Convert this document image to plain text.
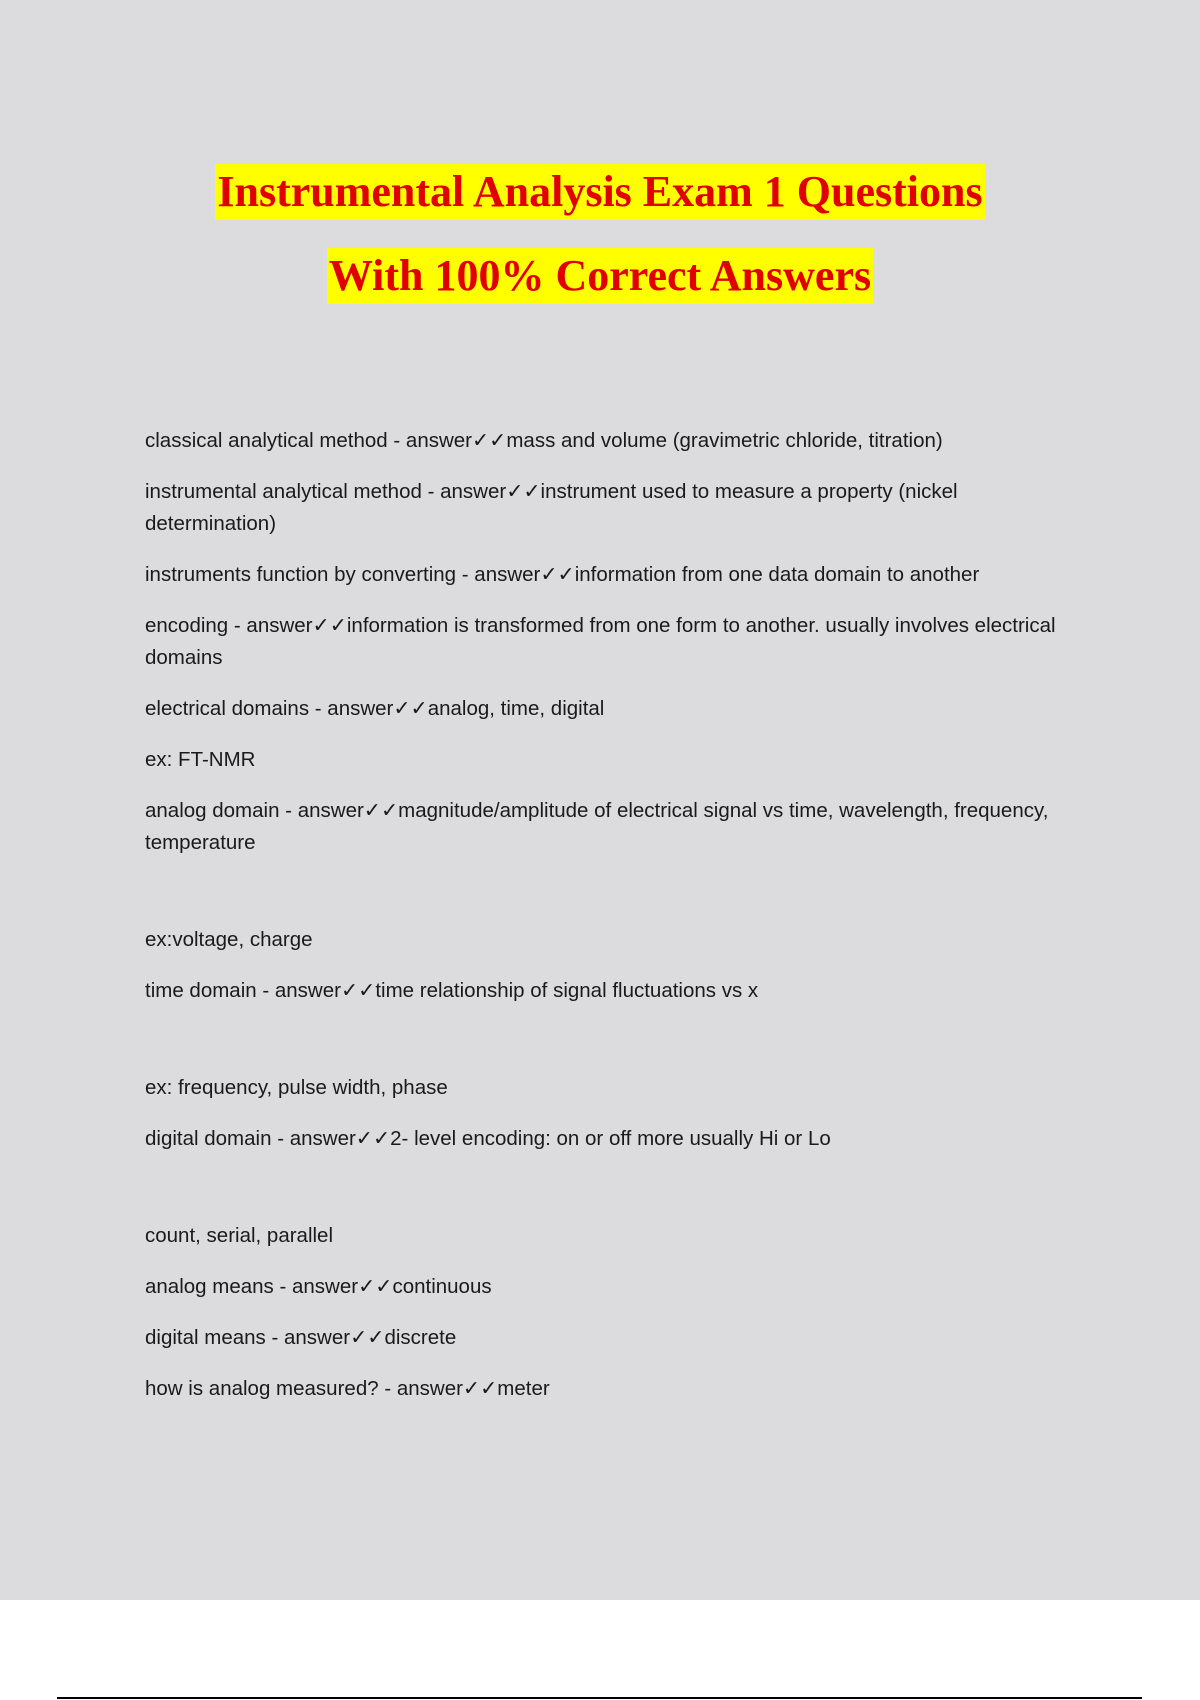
Instrumental Analysis Exam 1 Questions
With 100% Correct Answers

classical analytical method - answer✓✓mass and volume (gravimetric chloride, titration)

instrumental analytical method - answer✓✓instrument used to measure a property (nickel determination)

instruments function by converting - answer✓✓information from one data domain to another

encoding - answer✓✓information is transformed from one form to another. usually involves electrical domains

electrical domains - answer✓✓analog, time, digital

ex: FT-NMR

analog domain - answer✓✓magnitude/amplitude of electrical signal vs time, wavelength, frequency, temperature

ex:voltage, charge

time domain - answer✓✓time relationship of signal fluctuations vs x

ex: frequency, pulse width, phase

digital domain - answer✓✓2- level encoding: on or off more usually Hi or Lo

count, serial, parallel

analog means - answer✓✓continuous

digital means - answer✓✓discrete

how is analog measured? - answer✓✓meter
